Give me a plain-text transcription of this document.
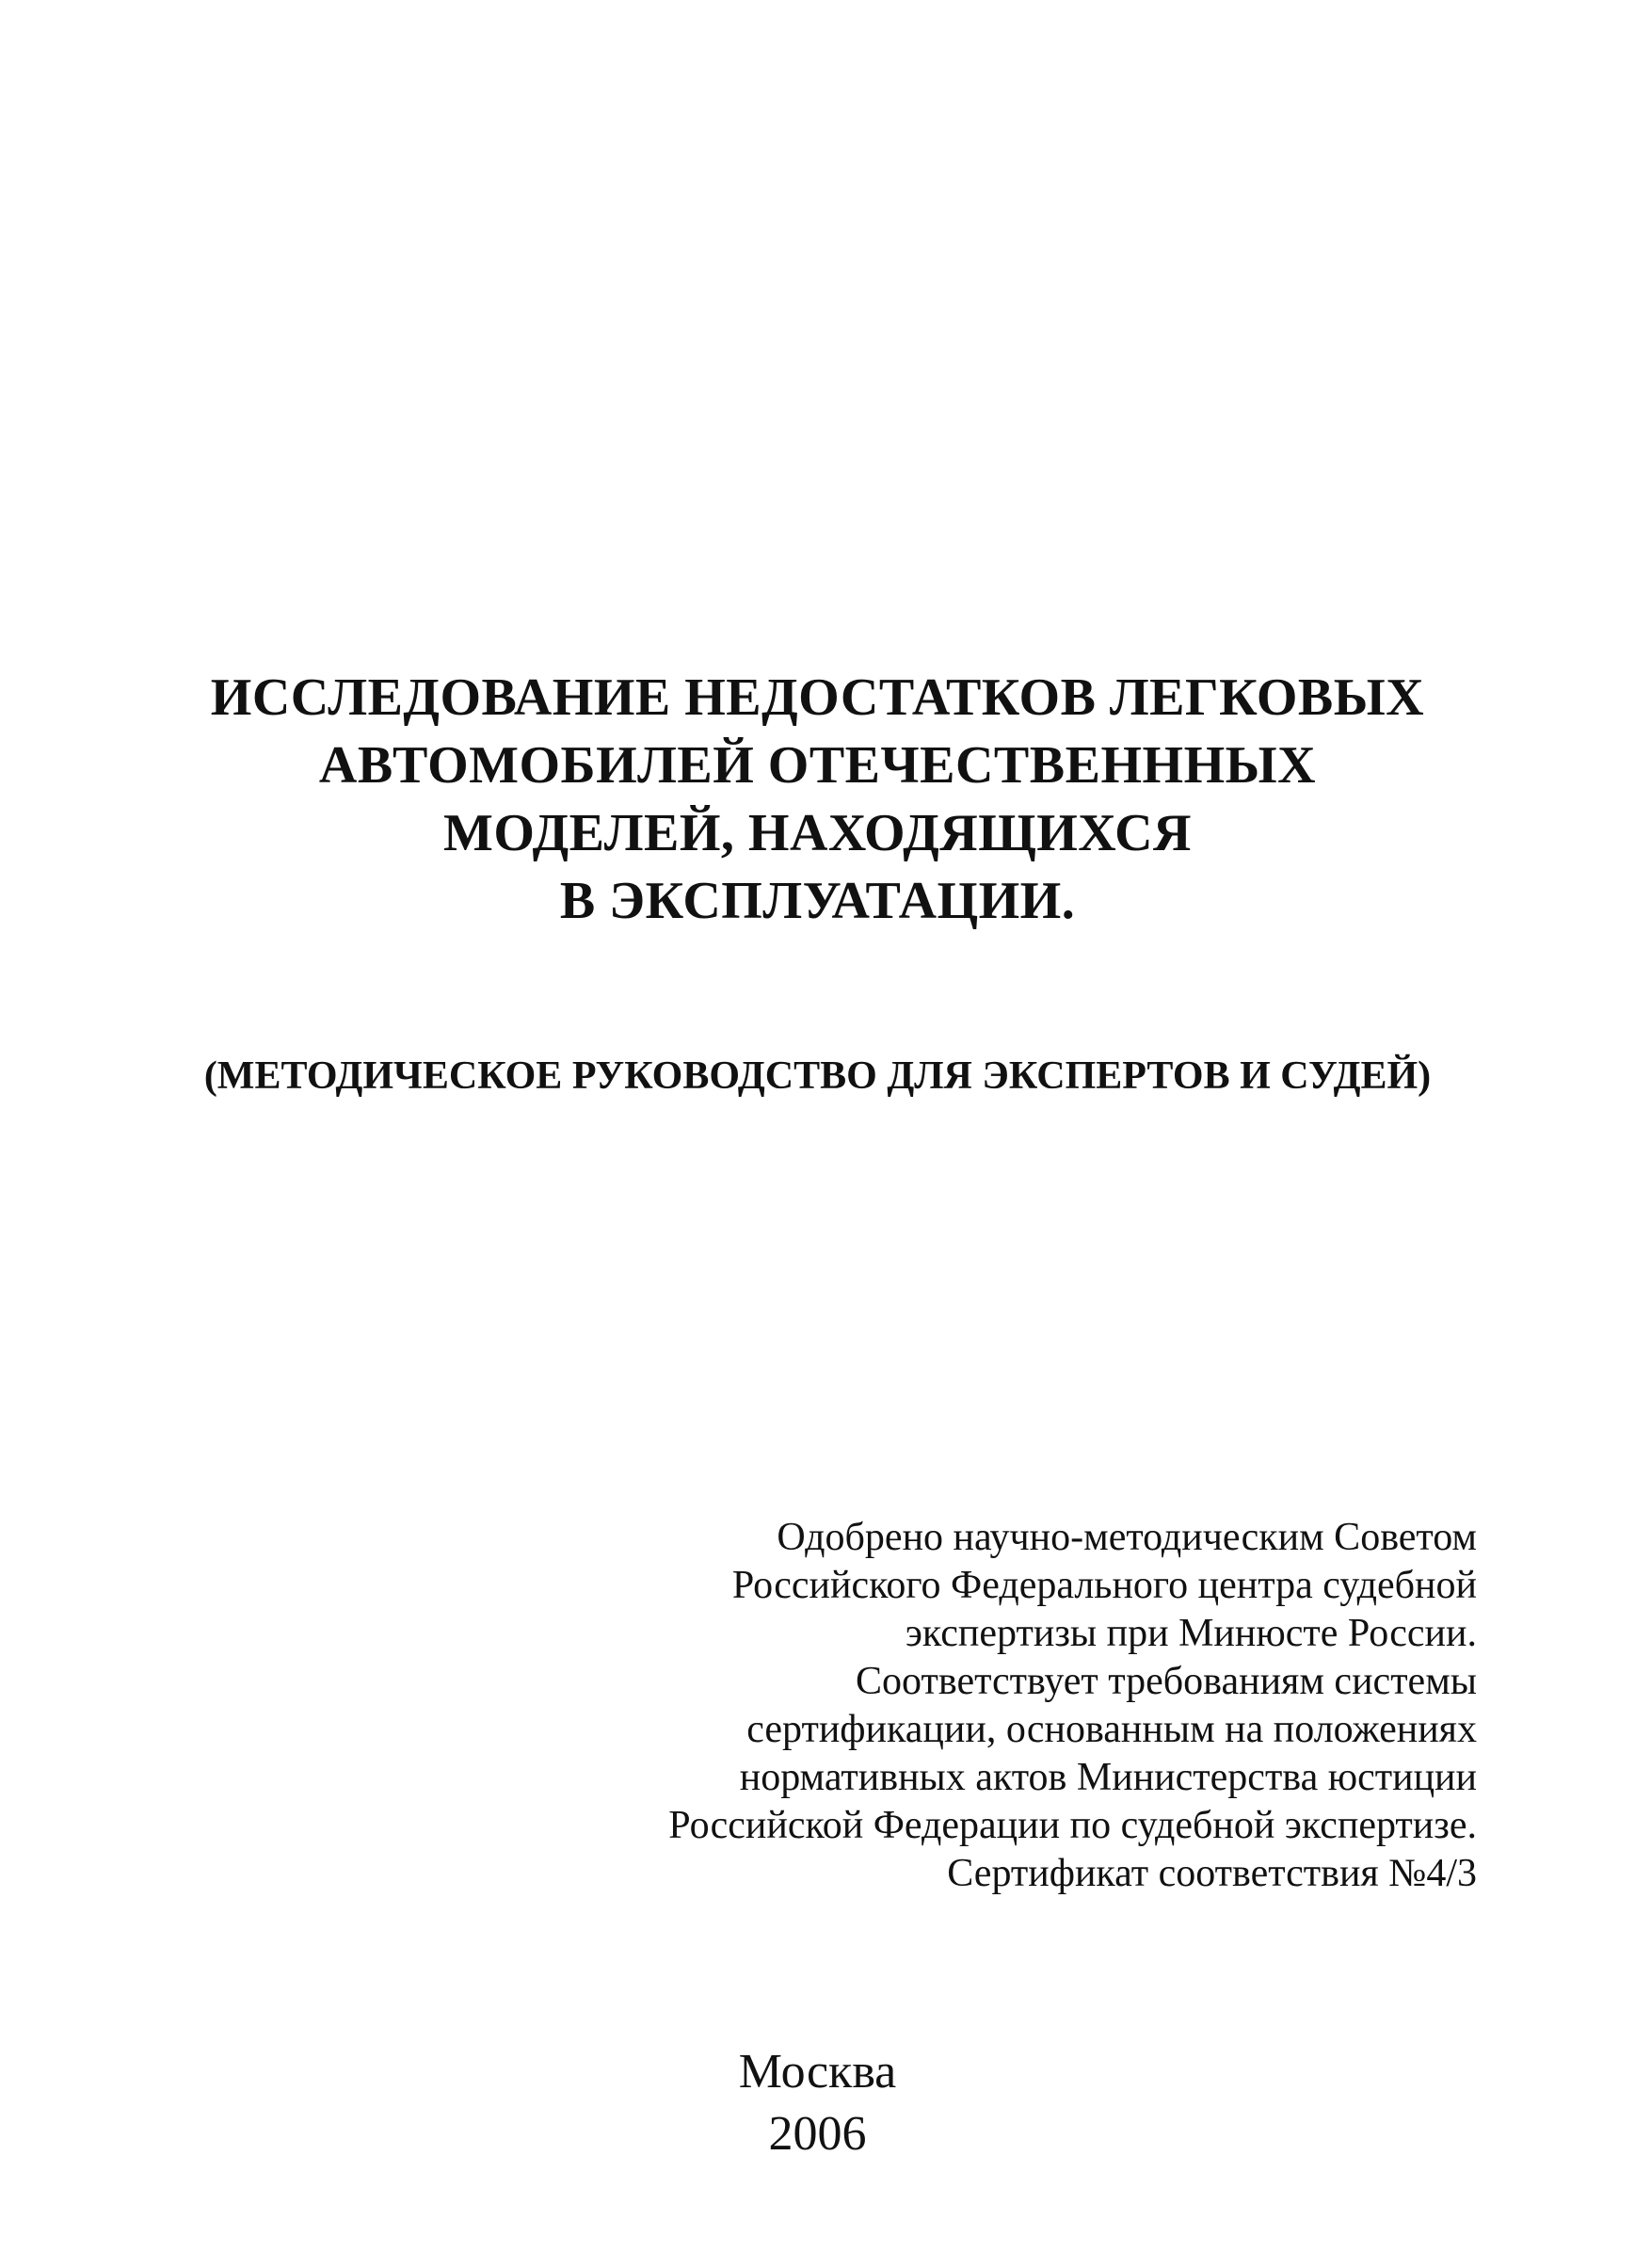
ИССЛЕДОВАНИЕ НЕДОСТАТКОВ ЛЕГКОВЫХ
АВТОМОБИЛЕЙ ОТЕЧЕСТВЕНННЫХ
МОДЕЛЕЙ, НАХОДЯЩИХСЯ
В ЭКСПЛУАТАЦИИ.
(МЕТОДИЧЕСКОЕ РУКОВОДСТВО ДЛЯ ЭКСПЕРТОВ И СУДЕЙ)
Одобрено научно-методическим Советом
Российского Федерального центра судебной
экспертизы при Минюсте России.
Соответствует требованиям системы
сертификации, основанным на положениях
нормативных актов Министерства юстиции
Российской Федерации по судебной экспертизе.
Сертификат соответствия №4/3
Москва
2006
